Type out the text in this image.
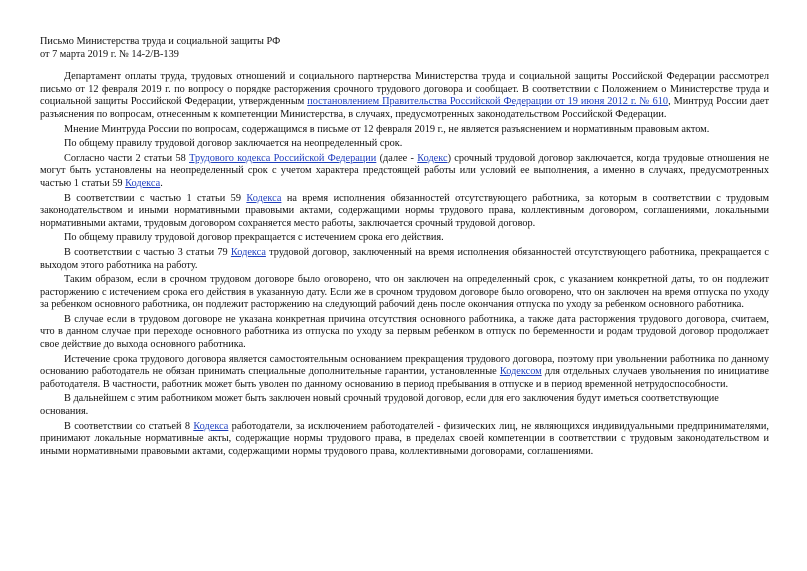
Письмо Министерства труда и социальной защиты РФ
от 7 марта 2019 г. № 14-2/В-139

Департамент оплаты труда, трудовых отношений и социального партнерства Министерства труда и социальной защиты Российской Федерации рассмотрел письмо от 12 февраля 2019 г. по вопросу о порядке расторжения срочного трудового договора и сообщает. В соответствии с Положением о Министерстве труда и социальной защиты Российской Федерации, утвержденным постановлением Правительства Российской Федерации от 19 июня 2012 г. № 610, Минтруд России дает разъяснения по вопросам, отнесенным к компетенции Министерства, в случаях, предусмотренных законодательством Российской Федерации.

Мнение Минтруда России по вопросам, содержащимся в письме от 12 февраля 2019 г., не является разъяснением и нормативным правовым актом.

По общему правилу трудовой договор заключается на неопределенный срок.

Согласно части 2 статьи 58 Трудового кодекса Российской Федерации (далее - Кодекс) срочный трудовой договор заключается, когда трудовые отношения не могут быть установлены на неопределенный срок с учетом характера предстоящей работы или условий ее выполнения, а именно в случаях, предусмотренных частью 1 статьи 59 Кодекса.

В соответствии с частью 1 статьи 59 Кодекса на время исполнения обязанностей отсутствующего работника, за которым в соответствии с трудовым законодательством и иными нормативными правовыми актами, содержащими нормы трудового права, коллективным договором, соглашениями, локальными нормативными актами, трудовым договором сохраняется место работы, заключается срочный трудовой договор.

По общему правилу трудовой договор прекращается с истечением срока его действия.

В соответствии с частью 3 статьи 79 Кодекса трудовой договор, заключенный на время исполнения обязанностей отсутствующего работника, прекращается с выходом этого работника на работу.

Таким образом, если в срочном трудовом договоре было оговорено, что он заключен на определенный срок, с указанием конкретной даты, то он подлежит расторжению с истечением срока его действия в указанную дату. Если же в срочном трудовом договоре было оговорено, что он заключен на время отпуска по уходу за ребенком основного работника, он подлежит расторжению на следующий рабочий день после окончания отпуска по уходу за ребенком основного работника.

В случае если в трудовом договоре не указана конкретная причина отсутствия основного работника, а также дата расторжения трудового договора, считаем, что в данном случае при переходе основного работника из отпуска по уходу за первым ребенком в отпуск по беременности и родам трудовой договор продолжает свое действие до выхода основного работника.

Истечение срока трудового договора является самостоятельным основанием прекращения трудового договора, поэтому при увольнении работника по данному основанию работодатель не обязан принимать специальные дополнительные гарантии, установленные Кодексом для отдельных случаев увольнения по инициативе работодателя. В частности, работник может быть уволен по данному основанию в период пребывания в отпуске и в период временной нетрудоспособности.

В дальнейшем с этим работником может быть заключен новый срочный трудовой договор, если для его заключения будут иметься соответствующие основания.

В соответствии со статьей 8 Кодекса работодатели, за исключением работодателей - физических лиц, не являющихся индивидуальными предпринимателями, принимают локальные нормативные акты, содержащие нормы трудового права, в пределах своей компетенции в соответствии с трудовым законодательством и иными нормативными правовыми актами, содержащими нормы трудового права, коллективными договорами, соглашениями.
